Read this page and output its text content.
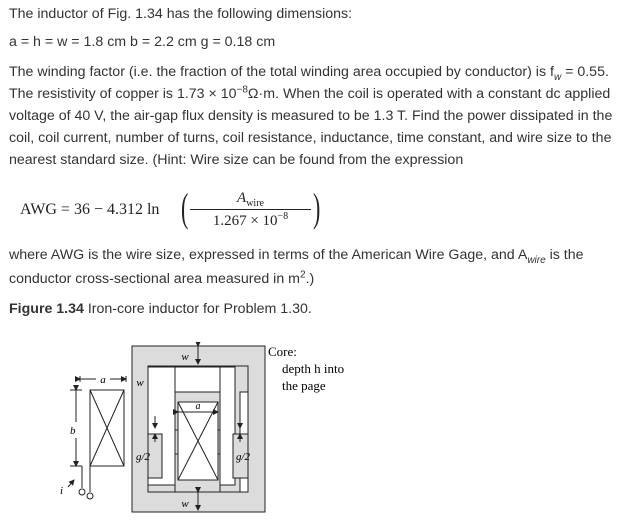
The inductor of Fig. 1.34 has the following dimensions:

a = h = w = 1.8 cm b = 2.2 cm g = 0.18 cm

The winding factor (i.e. the fraction of the total winding area occupied by conductor) is $f_w = 0.55$.

The resistivity of copper is $1.73 \times 10^{-8}\Omega\cdot m$. When the coil is operated with a constant dc applied

voltage of 40 V, the air-gap flux density is measured to be 1.3 T. Find the power dissipated in the

coil, coil current, number of turns, coil resistance, inductance, time constant, and wire size to the

nearest standard size. (Hint: Wire size can be found from the expression

AWG = 36 − 4.312 ln (	$A_{wire}$
$1.267 \times 10^{-8}$ )

where AWG is the wire size, expressed in terms of the American Wire Gage, and $A_{wire}$ is the

conductor cross-sectional area measured in $m^2$.)

Figure 1.34 Iron-core inductor for Problem 1.30.

a
w
w
b
a
g/2	g/2
w
i
Core:
depth h into
the page
